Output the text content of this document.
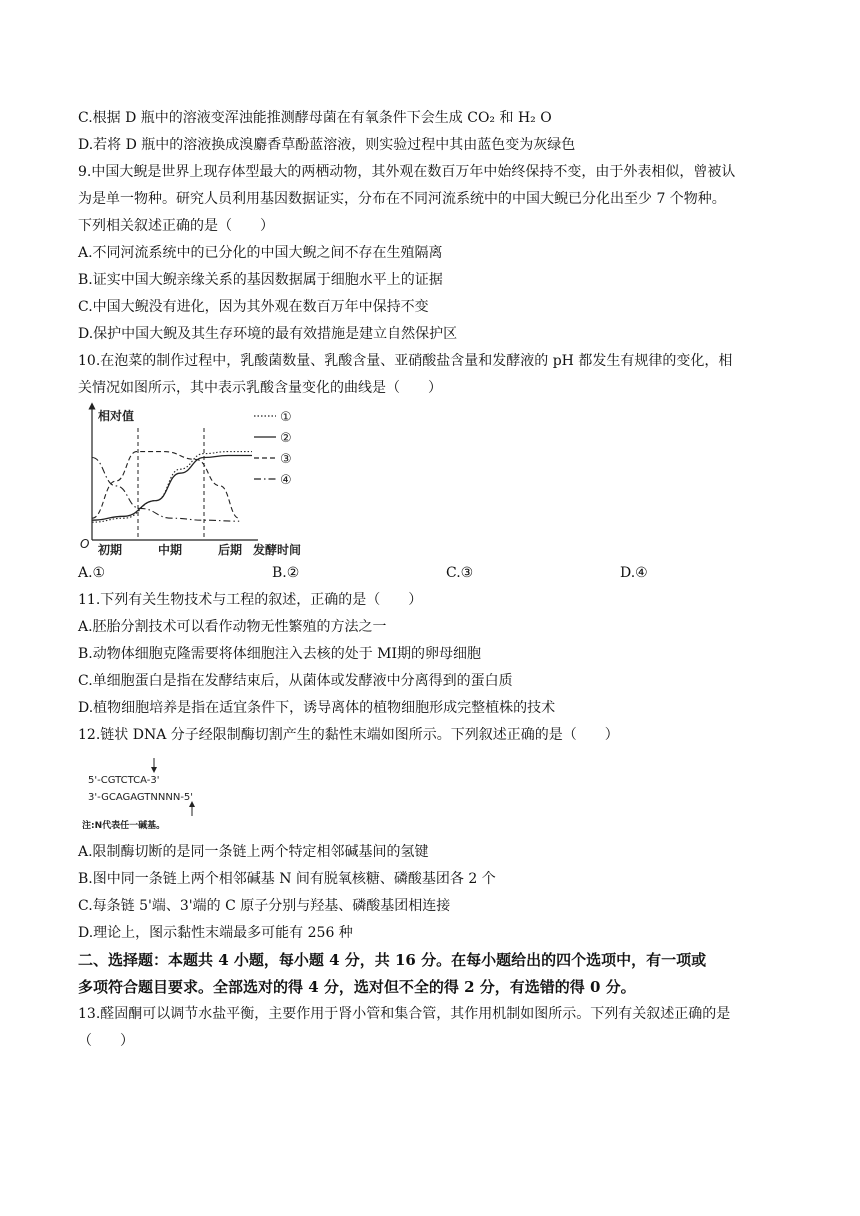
C.根据 D 瓶中的溶液变浑浊能推测酵母菌在有氧条件下会生成 CO₂ 和 H₂ O
D.若将 D 瓶中的溶液换成溴麝香草酚蓝溶液，则实验过程中其由蓝色变为灰绿色
9.中国大鲵是世界上现存体型最大的两栖动物，其外观在数百万年中始终保持不变，由于外表相似，曾被认
为是单一物种。研究人员利用基因数据证实，分布在不同河流系统中的中国大鲵已分化出至少 7 个物种。
下列相关叙述正确的是（　　）
A.不同河流系统中的已分化的中国大鲵之间不存在生殖隔离
B.证实中国大鲵亲缘关系的基因数据属于细胞水平上的证据
C.中国大鲵没有进化，因为其外观在数百万年中保持不变
D.保护中国大鲵及其生存环境的最有效措施是建立自然保护区
10.在泡菜的制作过程中，乳酸菌数量、乳酸含量、亚硝酸盐含量和发酵液的 pH 都发生有规律的变化，相
关情况如图所示，其中表示乳酸含量变化的曲线是（　　）
相对值
O 初期	中期	后期 发酵时间
①
②
③
④
A.①	B.②	C.③	D.④
11.下列有关生物技术与工程的叙述，正确的是（　　）
A.胚胎分割技术可以看作动物无性繁殖的方法之一
B.动物体细胞克隆需要将体细胞注入去核的处于 MⅠ期的卵母细胞
C.单细胞蛋白是指在发酵结束后，从菌体或发酵液中分离得到的蛋白质
D.植物细胞培养是指在适宜条件下，诱导离体的植物细胞形成完整植株的技术
12.链状 DNA 分子经限制酶切割产生的黏性末端如图所示。下列叙述正确的是（　　）
5'-CGTCTCA-3'
3'-GCAGAGTNNNN-5'
注:N代表任一碱基。
A.限制酶切断的是同一条链上两个特定相邻碱基间的氢键
B.图中同一条链上两个相邻碱基 N 间有脱氧核糖、磷酸基团各 2 个
C.每条链 5'端、3'端的 C 原子分别与羟基、磷酸基团相连接
D.理论上，图示黏性末端最多可能有 256 种
二、选择题：本题共 4 小题，每小题 4 分，共 16 分。在每小题给出的四个选项中，有一项或
多项符合题目要求。全部选对的得 4 分，选对但不全的得 2 分，有选错的得 0 分。
13.醛固酮可以调节水盐平衡，主要作用于肾小管和集合管，其作用机制如图所示。下列有关叙述正确的是
（　　）
